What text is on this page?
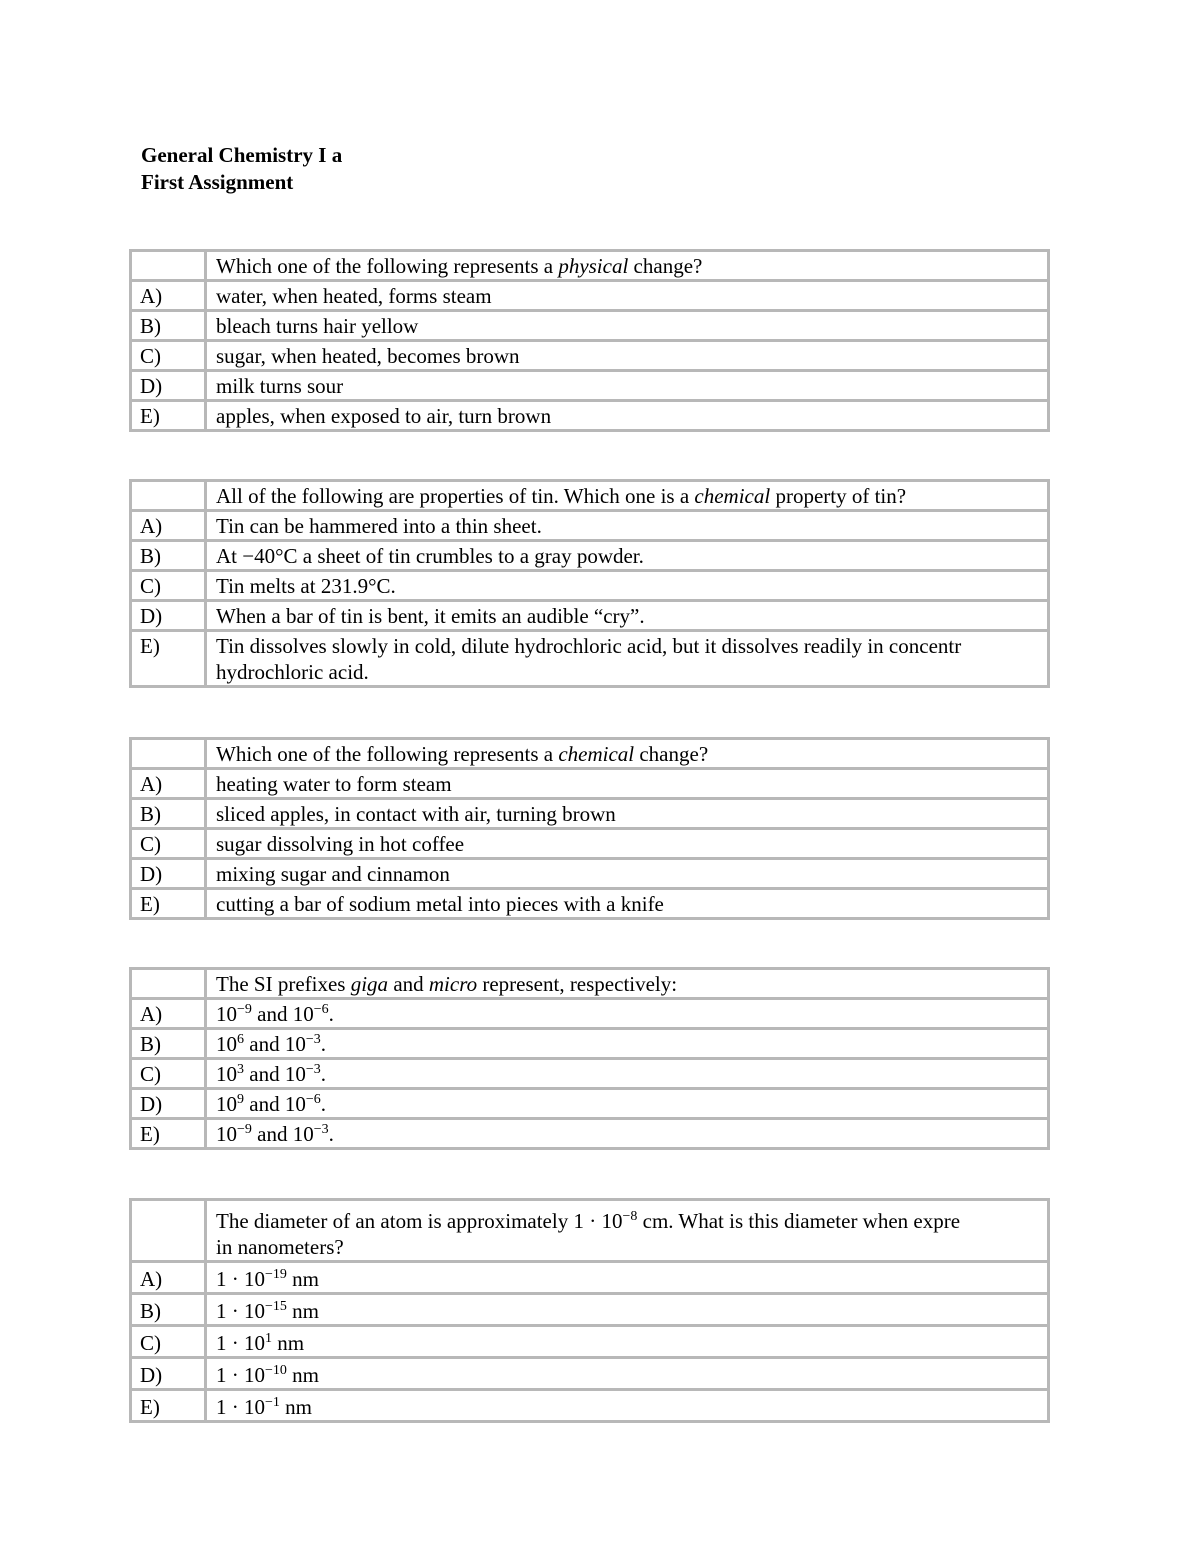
General Chemistry I a
First Assignment
	Which one of the following represents a physical change?
A)	water, when heated, forms steam
B)	bleach turns hair yellow
C)	sugar, when heated, becomes brown
D)	milk turns sour
E)	apples, when exposed to air, turn brown
	All of the following are properties of tin. Which one is a chemical property of tin?
A)	Tin can be hammered into a thin sheet.
B)	At −40°C a sheet of tin crumbles to a gray powder.
C)	Tin melts at 231.9°C.
D)	When a bar of tin is bent, it emits an audible “cry”.
E)	Tin dissolves slowly in cold, dilute hydrochloric acid, but it dissolves readily in concentr
hydrochloric acid.
	Which one of the following represents a chemical change?
A)	heating water to form steam
B)	sliced apples, in contact with air, turning brown
C)	sugar dissolving in hot coffee
D)	mixing sugar and cinnamon
E)	cutting a bar of sodium metal into pieces with a knife
	The SI prefixes giga and micro represent, respectively:
A)	$10^{-9}$ and $10^{-6}$.
B)	$10^6$ and $10^{-3}$.
C)	$10^3$ and $10^{-3}$.
D)	$10^9$ and $10^{-6}$.
E)	$10^{-9}$ and $10^{-3}$.

	The diameter of an atom is approximately $1 \cdot 10^{-8}$ cm. What is this diameter when expre
in nanometers?

A)	$1 \cdot 10^{-19}$ nm
B)	$1 \cdot 10^{-15}$ nm
C)	$1 \cdot 10^1$ nm
D)	$1 \cdot 10^{-10}$ nm
E)	$1 \cdot 10^{-1}$ nm
